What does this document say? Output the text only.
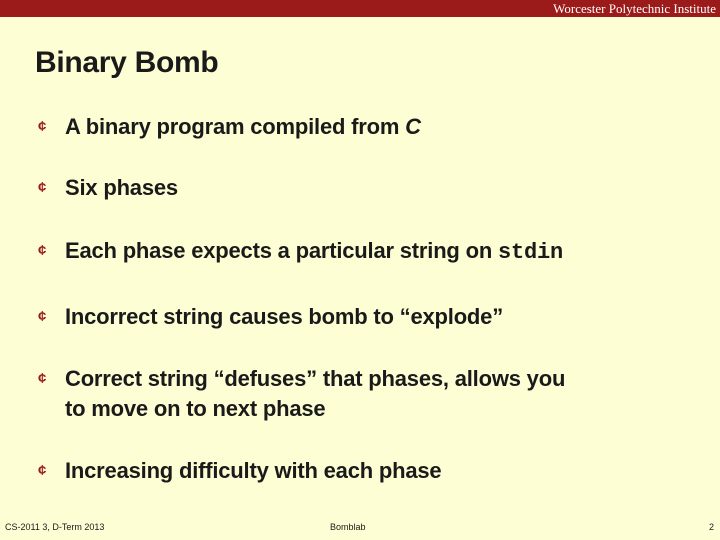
Worcester Polytechnic Institute
Binary Bomb
¢ A binary program compiled from C
¢ Six phases
¢ Each phase expects a particular string on stdin
¢ Incorrect string causes bomb to “explode”
¢ Correct string “defuses” that phases, allows you
to move on to next phase
¢ Increasing difficulty with each phase
CS-2011 3, D-Term 2013	Bomblab	2
